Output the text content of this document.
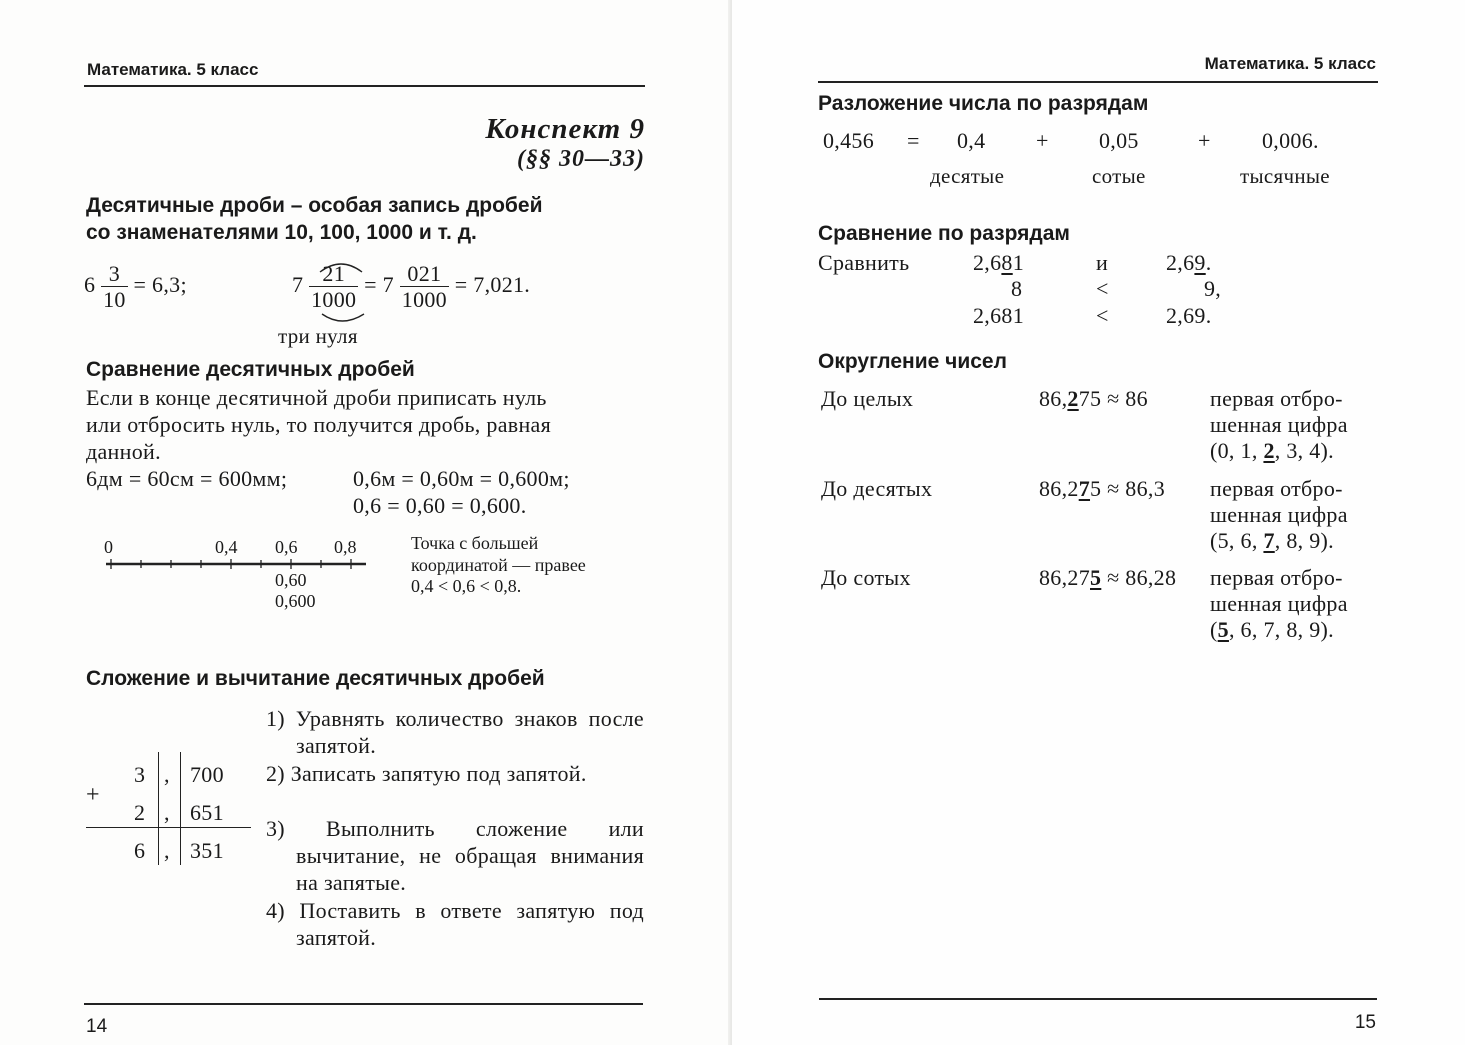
Математика. 5 класс
Конспект 9
(§§ 30—33)
Десятичные дроби – особая запись дробей
со знаменателями 10, 100, 1000 и т. д.
$6 \frac{3}{10} = 6,3$;	$7 \frac{21}{1000} = 7 \frac{021}{1000} = 7,021$.
три нуля
Сравнение десятичных дробей
Если в конце десятичной дроби приписать нуль
или отбросить нуль, то получится дробь, равная
данной.
6дм = 60см = 600мм;	0,6м = 0,60м = 0,600м;
0,6 = 0,60 = 0,600.
0	0,4 0,6 0,8
0,60
0,600
Точка с большей
координатой — правее
0,4 < 0,6 < 0,8.
Сложение и вычитание десятичных дробей
+
3 , 700
2 , 651
6 , 351
1) Уравнять количество знаков после запятой.
2) Записать запятую под запятой.
3) Выполнить сложение или вычитание, не обращая внимания на запятые.
4) Поставить в ответе запятую под запятой.
14
Математика. 5 класс
Разложение числа по разрядам
0,456 = 0,4 + 0,05	+ 0,006.
десятые	сотые	тысячные
Сравнение по разрядам
Сравнить	2,681	и	2,69.
8	<	9,
2,681	<	2,69.
Округление чисел
До целых	86,275 ≈ 86	первая отбро-
шенная цифра
(0, 1, 2, 3, 4).
До десятых	86,275 ≈ 86,3 первая отбро-
шенная цифра
(5, 6, 7, 8, 9).
До сотых	86,275 ≈ 86,28 первая отбро-
шенная цифра
(5, 6, 7, 8, 9).
15
